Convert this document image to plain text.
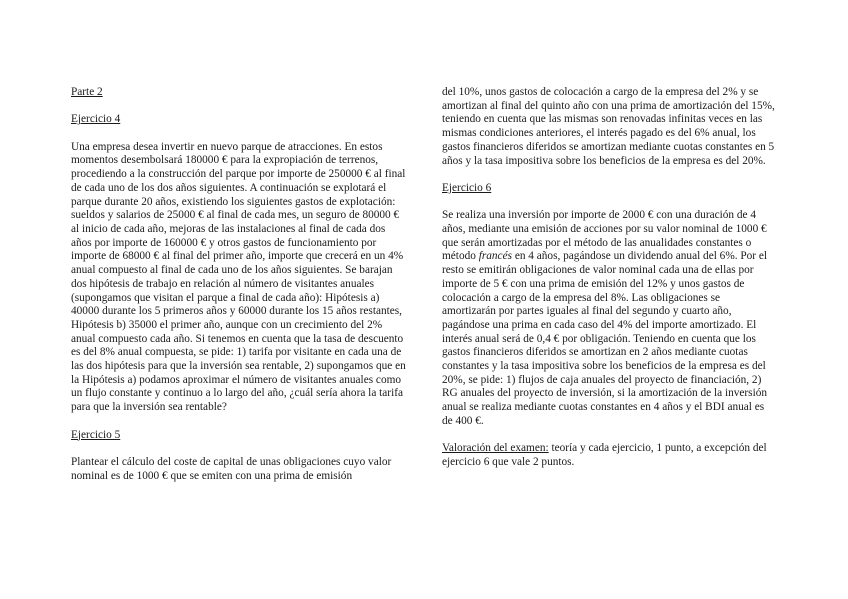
Parte 2

Ejercicio 4

Una empresa desea invertir en nuevo parque de atracciones. En estos momentos desembolsará 180000 € para la expropiación de terrenos, procediendo a la construcción del parque por importe de 250000 € al final de cada uno de los dos años siguientes. A continuación se explotará el parque durante 20 años, existiendo los siguientes gastos de explotación: sueldos y salarios de 25000 € al final de cada mes, un seguro de 80000 € al inicio de cada año, mejoras de las instalaciones al final de cada dos años por importe de 160000 € y otros gastos de funcionamiento por importe de 68000 € al final del primer año, importe que crecerá en un 4% anual compuesto al final de cada uno de los años siguientes. Se barajan dos hipótesis de trabajo en relación al número de visitantes anuales (supongamos que visitan el parque a final de cada año): Hipótesis a) 40000 durante los 5 primeros años y 60000 durante los 15 años restantes, Hipótesis b) 35000 el primer año, aunque con un crecimiento del 2% anual compuesto cada año. Si tenemos en cuenta que la tasa de descuento es del 8% anual compuesta, se pide: 1) tarifa por visitante en cada una de las dos hipótesis para que la inversión sea rentable, 2) supongamos que en la Hipótesis a) podamos aproximar el número de visitantes anuales como un flujo constante y continuo a lo largo del año, ¿cuál sería ahora la tarifa para que la inversión sea rentable?

Ejercicio 5

Plantear el cálculo del coste de capital de unas obligaciones cuyo valor nominal es de 1000 € que se emiten con una prima de emisión

del 10%, unos gastos de colocación a cargo de la empresa del 2% y se amortizan al final del quinto año con una prima de amortización del 15%, teniendo en cuenta que las mismas son renovadas infinitas veces en las mismas condiciones anteriores, el interés pagado es del 6% anual, los gastos financieros diferidos se amortizan mediante cuotas constantes en 5 años y la tasa impositiva sobre los beneficios de la empresa es del 20%.

Ejercicio 6

Se realiza una inversión por importe de 2000 € con una duración de 4 años, mediante una emisión de acciones por su valor nominal de 1000 € que serán amortizadas por el método de las anualidades constantes o método francés en 4 años, pagándose un dividendo anual del 6%. Por el resto se emitirán obligaciones de valor nominal cada una de ellas por importe de 5 € con una prima de emisión del 12% y unos gastos de colocación a cargo de la empresa del 8%. Las obligaciones se amortizarán por partes iguales al final del segundo y cuarto año, pagándose una prima en cada caso del 4% del importe amortizado. El interés anual será de 0,4 € por obligación. Teniendo en cuenta que los gastos financieros diferidos se amortizan en 2 años mediante cuotas constantes y la tasa impositiva sobre los beneficios de la empresa es del 20%, se pide: 1) flujos de caja anuales del proyecto de financiación, 2) RG anuales del proyecto de inversión, si la amortización de la inversión anual se realiza mediante cuotas constantes en 4 años y el BDI anual es de 400 €.

Valoración del examen: teoría y cada ejercicio, 1 punto, a excepción del ejercicio 6 que vale 2 puntos.
